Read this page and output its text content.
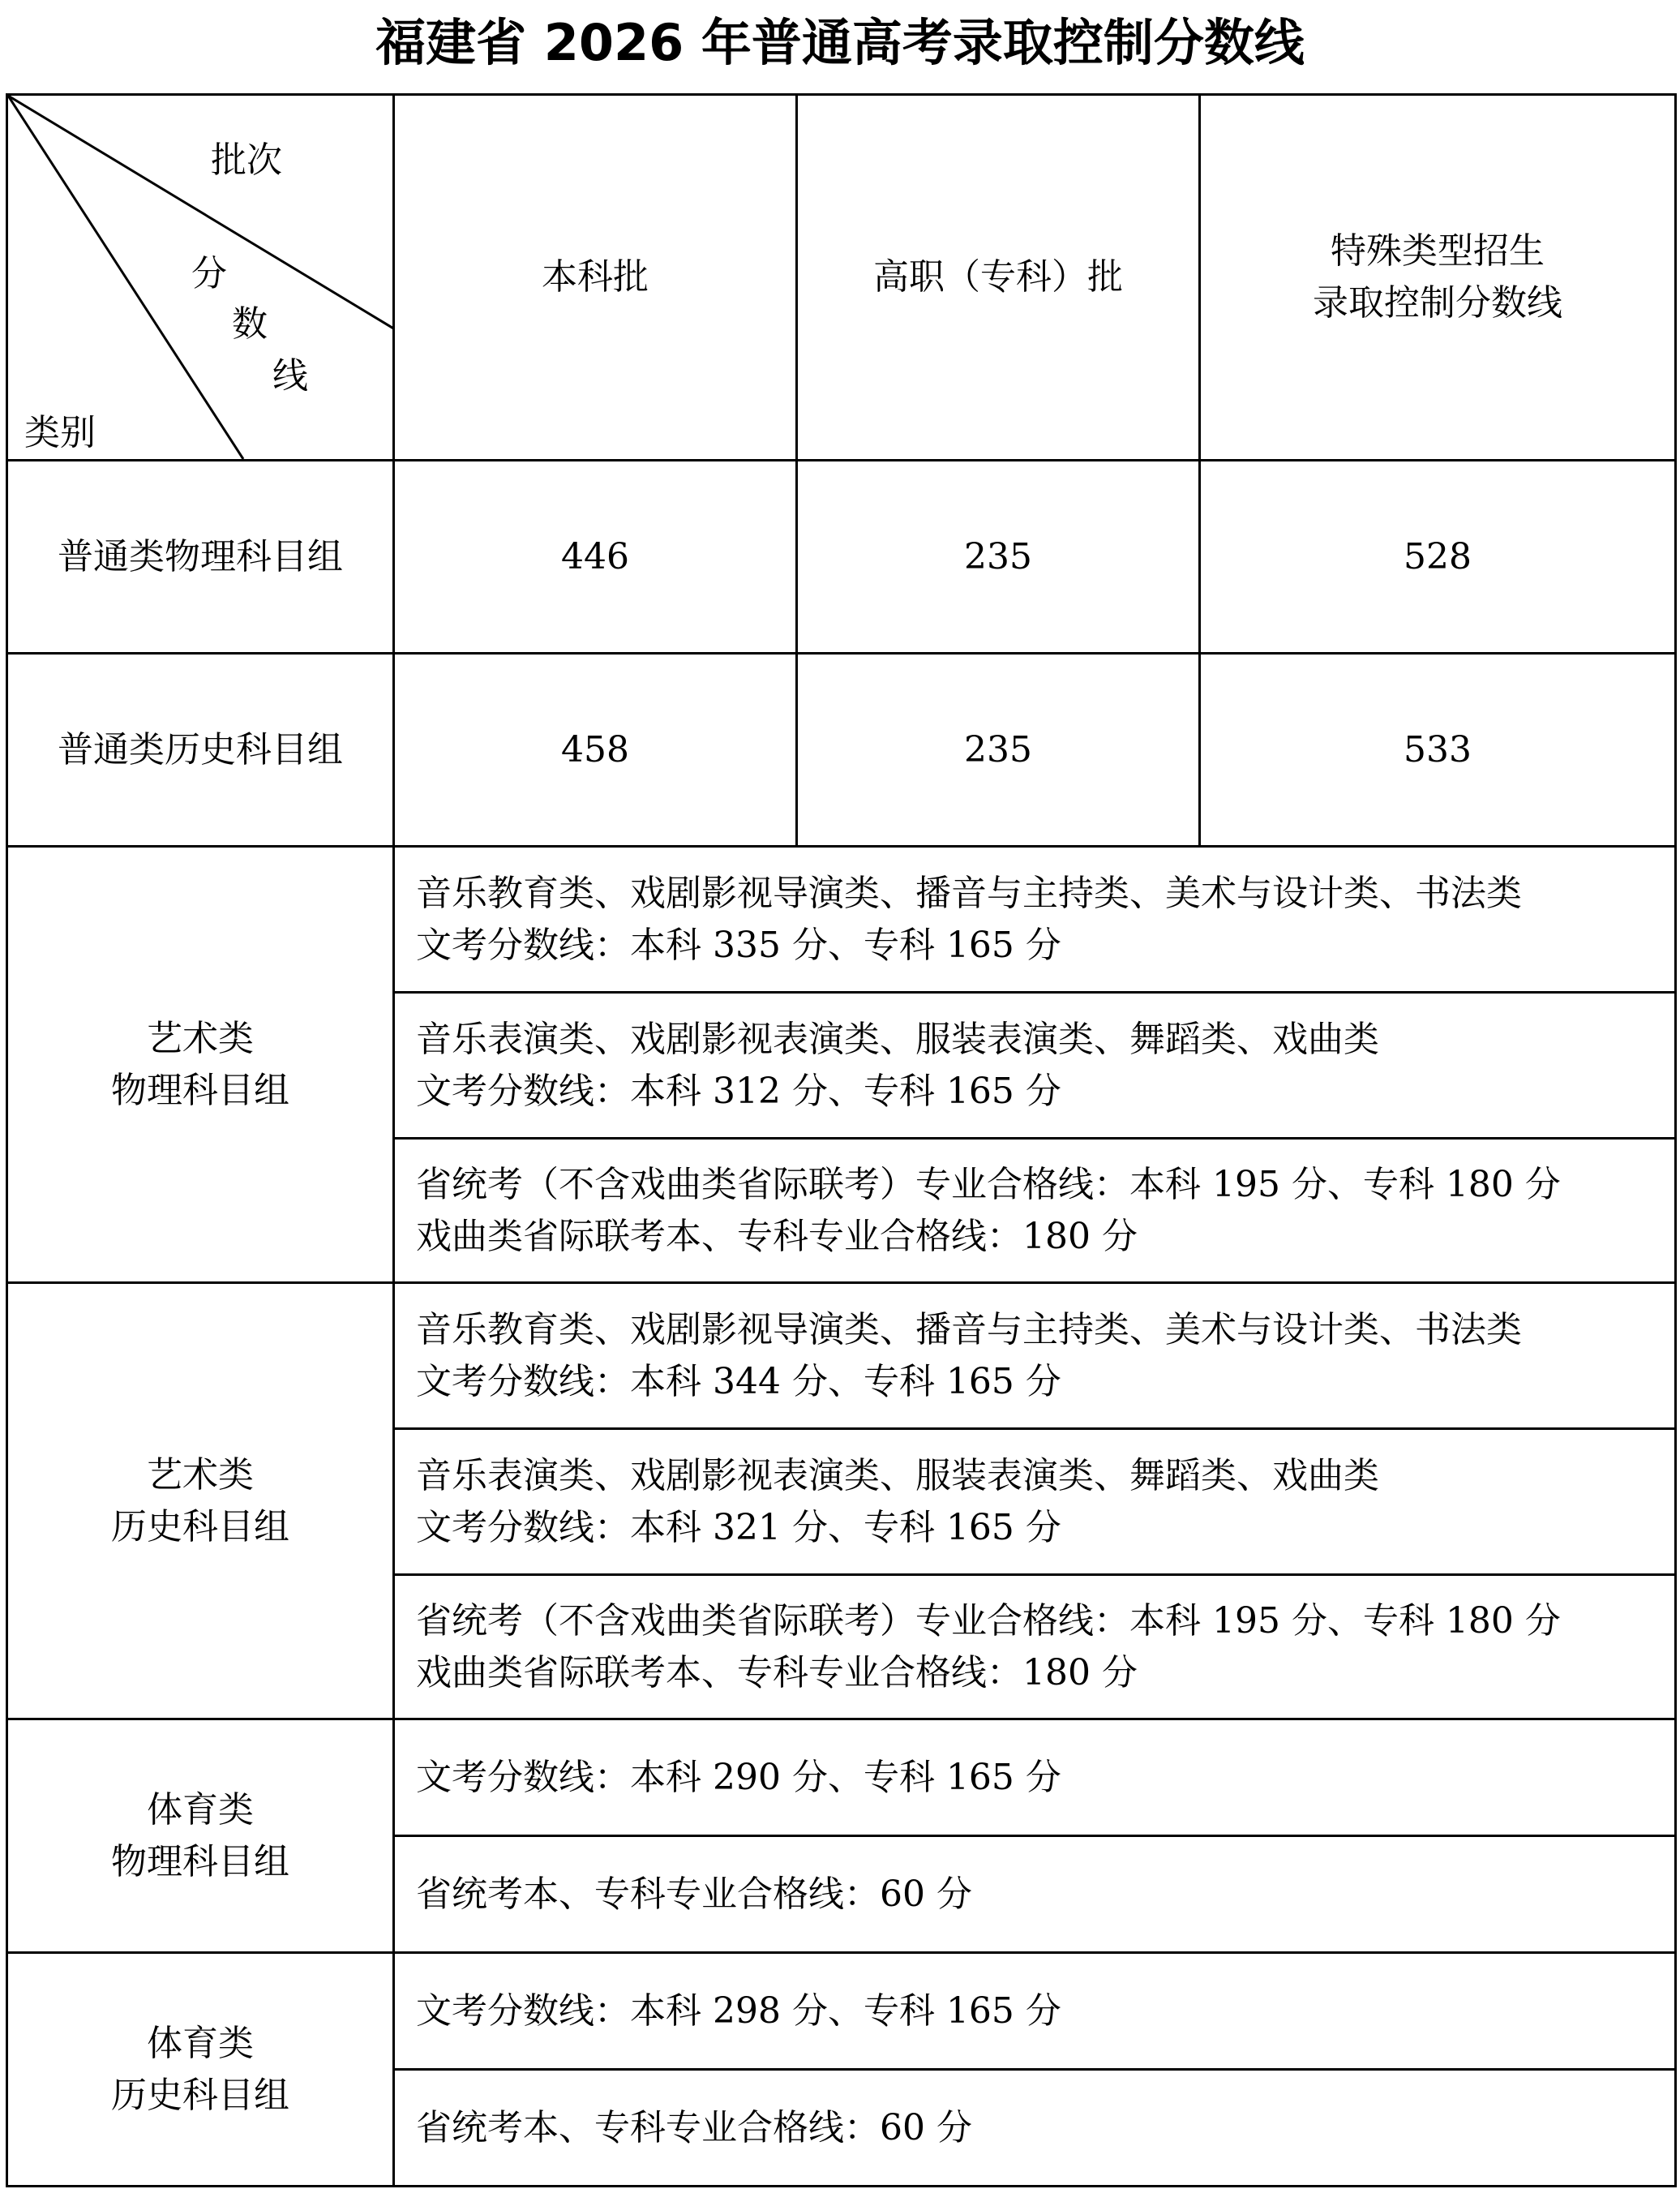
福建省 2026 年普通高考录取控制分数线
批次
分
数
线
类别	本科批	高职（专科）批	特殊类型招生
录取控制分数线

普通类物理科目组	446	235	528
普通类历史科目组	458	235	533

艺术类
物理科目组	音乐教育类、戏剧影视导演类、播音与主持类、美术与设计类、书法类
文考分数线：本科 335 分、专科 165 分		

	音乐表演类、戏剧影视表演类、服装表演类、舞蹈类、戏曲类
文考分数线：本科 312 分、专科 165 分		

	省统考（不含戏曲类省际联考）专业合格线：本科 195 分、专科 180 分
戏曲类省际联考本、专科专业合格线：180 分		

艺术类
历史科目组	音乐教育类、戏剧影视导演类、播音与主持类、美术与设计类、书法类
文考分数线：本科 344 分、专科 165 分		

	音乐表演类、戏剧影视表演类、服装表演类、舞蹈类、戏曲类
文考分数线：本科 321 分、专科 165 分		

	省统考（不含戏曲类省际联考）专业合格线：本科 195 分、专科 180 分
戏曲类省际联考本、专科专业合格线：180 分		

体育类
物理科目组	文考分数线：本科 290 分、专科 165 分		
	省统考本、专科专业合格线：60 分		

体育类
历史科目组	文考分数线：本科 298 分、专科 165 分		
	省统考本、专科专业合格线：60 分		
